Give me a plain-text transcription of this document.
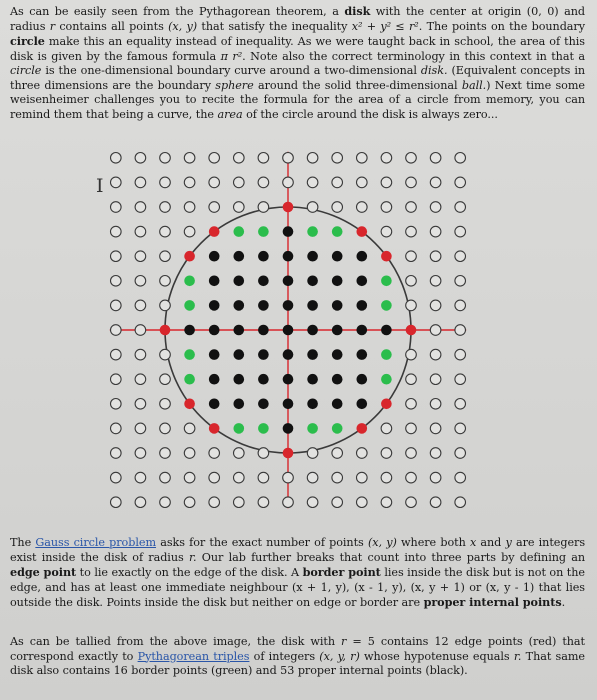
As can be easily seen from the Pythagorean theorem, a disk with the center at origin (0, 0) and radius r contains all points (x, y) that satisfy the inequality x² + y² ≤ r². The points on the boundary circle make this an equality instead of inequality. As we were taught back in school, the area of this disk is given by the famous formula π r². Note also the correct terminology in this context in that a circle is the one-dimensional boundary curve around a two-dimensional disk. (Equivalent concepts in three dimensions are the boundary sphere around the solid three-dimensional ball.) Next time some weisenheimer challenges you to recite the formula for the area of a circle from memory, you can remind them that being a curve, the area of the circle around the disk is always zero...

I

The Gauss circle problem asks for the exact number of points (x, y) where both x and y are integers exist inside the disk of radius r. Our lab further breaks that count into three parts by defining an edge point to lie exactly on the edge of the disk. A border point lies inside the disk but is not on the edge, and has at least one immediate neighbour (x + 1, y), (x - 1, y), (x, y + 1) or (x, y - 1) that lies outside the disk. Points inside the disk but neither on edge or border are proper internal points.

As can be tallied from the above image, the disk with r = 5 contains 12 edge points (red) that correspond exactly to Pythagorean triples of integers (x, y, r) whose hypotenuse equals r. That same disk also contains 16 border points (green) and 53 proper internal points (black).
